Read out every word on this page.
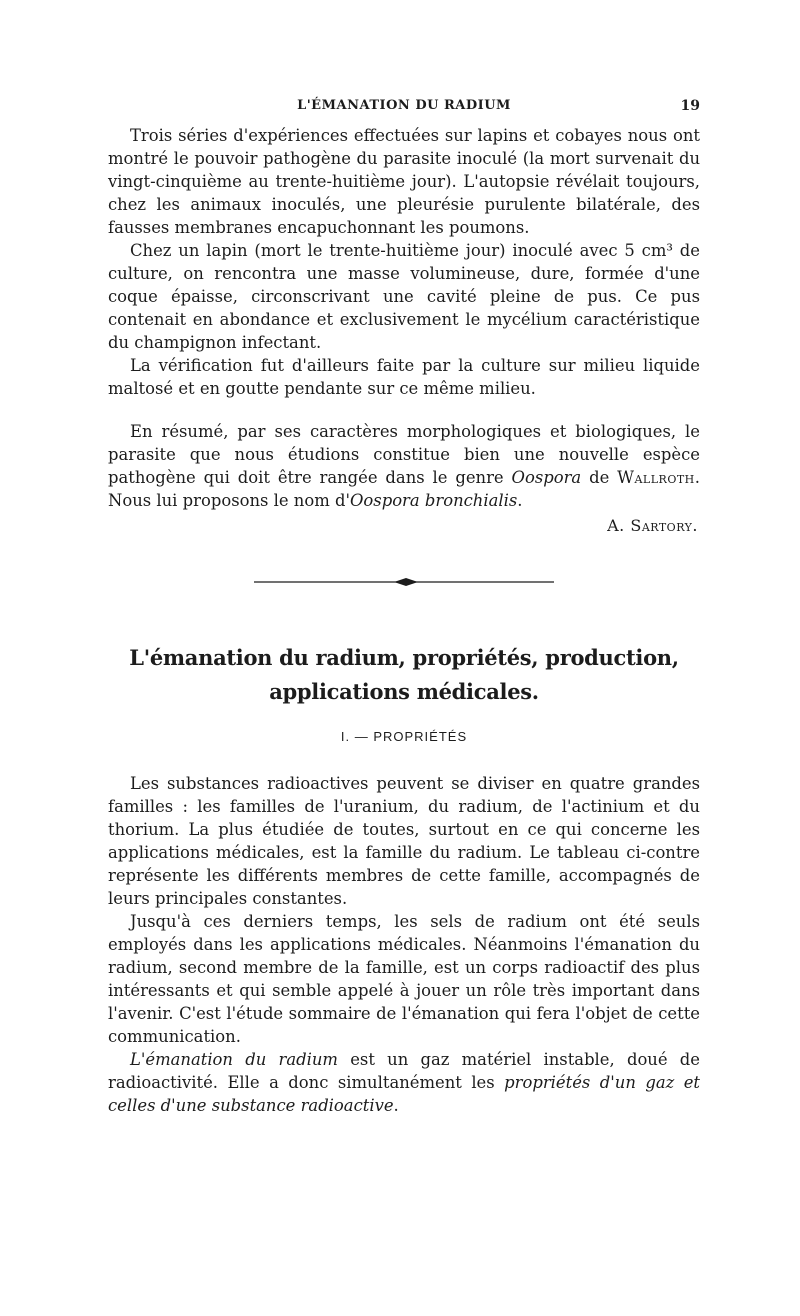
L'ÉMANATION DU RADIUM	19

Trois séries d'expériences effectuées sur lapins et cobayes nous ont montré le pouvoir pathogène du parasite inoculé (la mort survenait du vingt-cinquième au trente-huitième jour). L'autopsie révélait toujours, chez les animaux inoculés, une pleurésie purulente bilatérale, des fausses membranes encapuchonnant les poumons.

Chez un lapin (mort le trente-huitième jour) inoculé avec 5 cm³ de culture, on rencontra une masse volumineuse, dure, formée d'une coque épaisse, circonscrivant une cavité pleine de pus. Ce pus contenait en abondance et exclusivement le mycélium caractéristique du champignon infectant.

La vérification fut d'ailleurs faite par la culture sur milieu liquide maltosé et en goutte pendante sur ce même milieu.

En résumé, par ses caractères morphologiques et biologiques, le parasite que nous étudions constitue bien une nouvelle espèce pathogène qui doit être rangée dans le genre Oospora de Wallroth. Nous lui proposons le nom d'Oospora bronchialis.

A. Sartory.
L'émanation du radium, propriétés, production,
applications médicales.
I. — PROPRIÉTÉS

Les substances radioactives peuvent se diviser en quatre grandes familles : les familles de l'uranium, du radium, de l'actinium et du thorium. La plus étudiée de toutes, surtout en ce qui concerne les applications médicales, est la famille du radium. Le tableau ci-contre représente les différents membres de cette famille, accompagnés de leurs principales constantes.

Jusqu'à ces derniers temps, les sels de radium ont été seuls employés dans les applications médicales. Néanmoins l'émanation du radium, second membre de la famille, est un corps radioactif des plus intéressants et qui semble appelé à jouer un rôle très important dans l'avenir. C'est l'étude sommaire de l'émanation qui fera l'objet de cette communication.

L'émanation du radium est un gaz matériel instable, doué de radioactivité. Elle a donc simultanément les propriétés d'un gaz et celles d'une substance radioactive.
